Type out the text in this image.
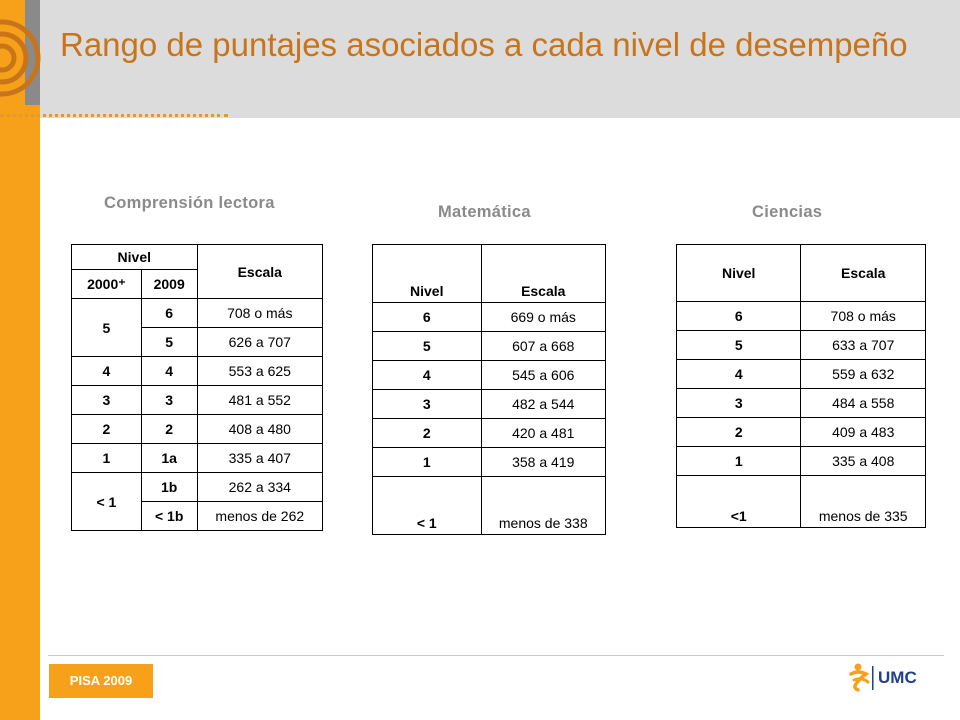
Rango de puntajes asociados a cada nivel de desempeño
Comprensión lectora
Nivel		Escala
2000⁺	2009	
5	6	708 o más
	5	626 a 707
4	4	553 a 625
3	3	481 a 552
2	2	408 a 480
1	1a	335 a 407
< 1	1b	262 a 334
	< 1b	menos de 262
Matemática
Nivel	Escala
6	669 o más
5	607 a 668
4	545 a 606
3	482 a 544
2	420 a 481
1	358 a 419
< 1	menos de 338
Ciencias
Nivel	Escala
6	708 o más
5	633 a 707
4	559 a 632
3	484 a 558
2	409 a 483
1	335 a 408
<1	menos de 335
PISA 2009	UMC
